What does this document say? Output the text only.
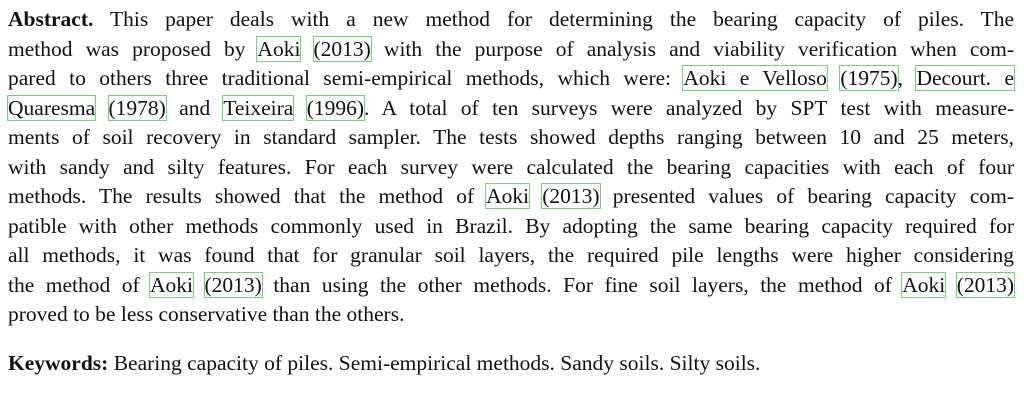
Abstract. This paper deals with a new method for determining the bearing capacity of piles. The
method was proposed by Aoki (2013) with the purpose of analysis and viability verification when com-
pared to others three traditional semi-empirical methods, which were: Aoki e Velloso (1975), Decourt. e
Quaresma (1978) and Teixeira (1996). A total of ten surveys were analyzed by SPT test with measure-
ments of soil recovery in standard sampler. The tests showed depths ranging between 10 and 25 meters,
with sandy and silty features. For each survey were calculated the bearing capacities with each of four
methods. The results showed that the method of Aoki (2013) presented values of bearing capacity com-
patible with other methods commonly used in Brazil. By adopting the same bearing capacity required for
all methods, it was found that for granular soil layers, the required pile lengths were higher considering
the method of Aoki (2013) than using the other methods. For fine soil layers, the method of Aoki (2013)
proved to be less conservative than the others.
Keywords: Bearing capacity of piles. Semi-empirical methods. Sandy soils. Silty soils.
